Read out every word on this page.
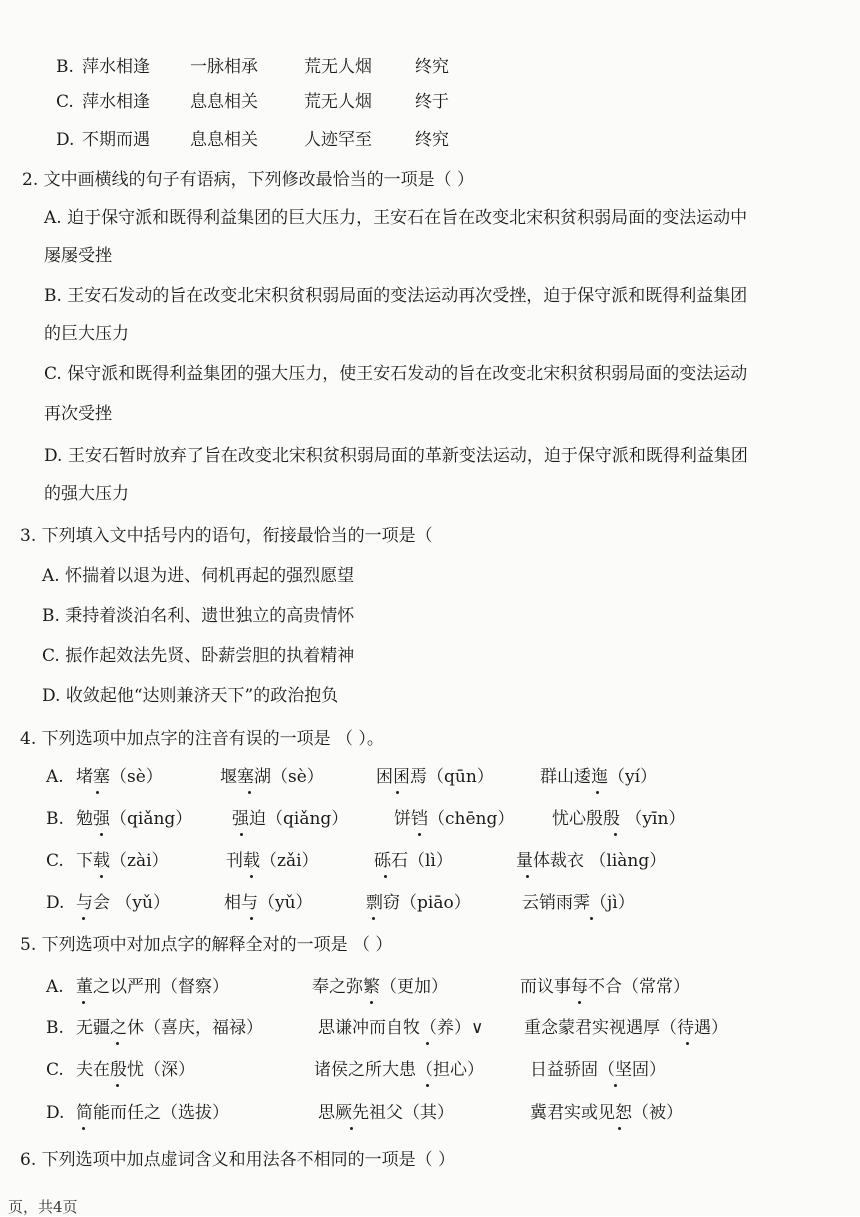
B. 萍水相逢 一脉相承	荒无人烟	终究
C. 萍水相逢 息息相关	荒无人烟	终于
D. 不期而遇 息息相关	人迹罕至	终究
2. 文中画横线的句子有语病，下列修改最恰当的一项是（ ）
A. 迫于保守派和既得利益集团的巨大压力，王安石在旨在改变北宋积贫积弱局面的变法运动中
屡屡受挫
B. 王安石发动的旨在改变北宋积贫积弱局面的变法运动再次受挫，迫于保守派和既得利益集团
的巨大压力
C. 保守派和既得利益集团的强大压力，使王安石发动的旨在改变北宋积贫积弱局面的变法运动
再次受挫
D. 王安石暂时放弃了旨在改变北宋积贫积弱局面的革新变法运动，迫于保守派和既得利益集团
的强大压力
3. 下列填入文中括号内的语句，衔接最恰当的一项是（
A. 怀揣着以退为进、伺机再起的强烈愿望
B. 秉持着淡泊名利、遗世独立的高贵情怀
C. 振作起效法先贤、卧薪尝胆的执着精神
D. 收敛起他“达则兼济天下”的政治抱负
4. 下列选项中加点字的注音有误的一项是 （ ）。
A. 堵塞（sè）	堰塞湖（sè）	困囷焉（qūn）	群山逶迤（yí）
B. 勉强（qiǎng） 强迫（qiǎng）	饼铛（chēng） 忧心殷殷 （yīn）
C. 下载（zài）	刊载（zǎi）	砾石（lì）	量体裁衣 （liàng）
D. 与会 （yǔ）	相与（yǔ）	剽窃（piāo）	云销雨霁（jì）
5. 下列选项中对加点字的解释全对的一项是 （ ）
A. 董之以严刑（督察）	奉之弥繁（更加）	而议事每不合（常常）
B. 无疆之休（喜庆，福禄）	思谦冲而自牧（养）∨ 重念蒙君实视遇厚（待遇）
C. 夫在殷忧（深）	诸侯之所大患（担心）	日益骄固（坚固）
D. 简能而任之（选拔）	思厥先祖父（其）	冀君实或见恕（被）
6. 下列选项中加点虚词含义和用法各不相同的一项是（ ）
页，共4页
